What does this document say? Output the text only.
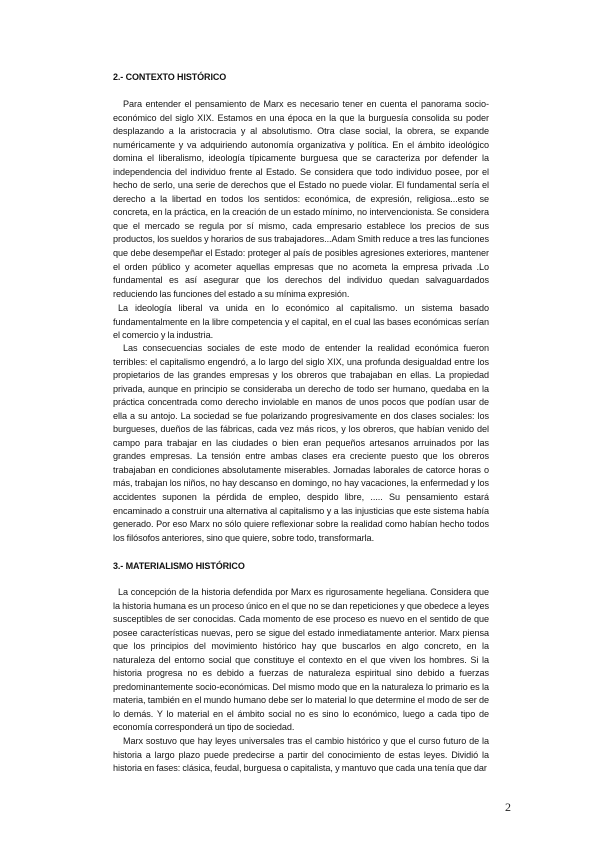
2.- CONTEXTO HISTÓRICO

Para entender el pensamiento de Marx es necesario tener en cuenta el panorama socio-económico del siglo XIX. Estamos en una época en la que la burguesía consolida su poder desplazando a la aristocracia y al absolutismo. Otra clase social, la obrera, se expande numéricamente y va adquiriendo autonomía organizativa y política. En el ámbito ideológico domina el liberalismo, ideología típicamente burguesa que se caracteriza por defender la independencia del individuo frente al Estado. Se considera que todo individuo posee, por el hecho de serlo, una serie de derechos que el Estado no puede violar. El fundamental sería el derecho a la libertad en todos los sentidos: económica, de expresión, religiosa...esto se concreta, en la práctica, en la creación de un estado mínimo, no intervencionista. Se considera que el mercado se regula por sí mismo, cada empresario establece los precios de sus productos, los sueldos y horarios de sus trabajadores...Adam Smith reduce a tres las funciones que debe desempeñar el Estado: proteger al país de posibles agresiones exteriores, mantener el orden público y acometer aquellas empresas que no acometa la empresa privada .Lo fundamental es así asegurar que los derechos del individuo quedan salvaguardados reduciendo las funciones del estado a su mínima expresión.

La ideología liberal va unida en lo económico al capitalismo. un sistema basado fundamentalmente en la libre competencia y el capital, en el cual las bases económicas serían el comercio y la industria.

Las consecuencias sociales de este modo de entender la realidad económica fueron terribles: el capitalismo engendró, a lo largo del siglo XIX, una profunda desigualdad entre los propietarios de las grandes empresas y los obreros que trabajaban en ellas. La propiedad privada, aunque en principio se consideraba un derecho de todo ser humano, quedaba en la práctica concentrada como derecho inviolable en manos de unos pocos que podían usar de ella a su antojo. La sociedad se fue polarizando progresivamente en dos clases sociales: los burgueses, dueños de las fábricas, cada vez más ricos, y los obreros, que habían venido del campo para trabajar en las ciudades o bien eran pequeños artesanos arruinados por las grandes empresas. La tensión entre ambas clases era creciente puesto que los obreros trabajaban en condiciones absolutamente miserables. Jornadas laborales de catorce horas o más, trabajan los niños, no hay descanso en domingo, no hay vacaciones, la enfermedad y los accidentes suponen la pérdida de empleo, despido libre, ..... Su pensamiento estará encaminado a construir una alternativa al capitalismo y a las injusticias que este sistema había generado. Por eso Marx no sólo quiere reflexionar sobre la realidad como habían hecho todos los filósofos anteriores, sino que quiere, sobre todo, transformarla.

3.- MATERIALISMO HISTÓRICO

La concepción de la historia defendida por Marx es rigurosamente hegeliana. Considera que la historia humana es un proceso único en el que no se dan repeticiones y que obedece a leyes susceptibles de ser conocidas. Cada momento de ese proceso es nuevo en el sentido de que posee características nuevas, pero se sigue del estado inmediatamente anterior. Marx piensa que los principios del movimiento histórico hay que buscarlos en algo concreto, en la naturaleza del entorno social que constituye el contexto en el que viven los hombres. Si la historia progresa no es debido a fuerzas de naturaleza espiritual sino debido a fuerzas predominantemente socio-económicas. Del mismo modo que en la naturaleza lo primario es la materia, también en el mundo humano debe ser lo material lo que determine el modo de ser de lo demás. Y lo material en el ámbito social no es sino lo económico, luego a cada tipo de economía corresponderá un tipo de sociedad.

Marx sostuvo que hay leyes universales tras el cambio histórico y que el curso futuro de la historia a largo plazo puede predecirse a partir del conocimiento de estas leyes. Dividió la historia en fases: clásica, feudal, burguesa o capitalista, y mantuvo que cada una tenía que dar

2
